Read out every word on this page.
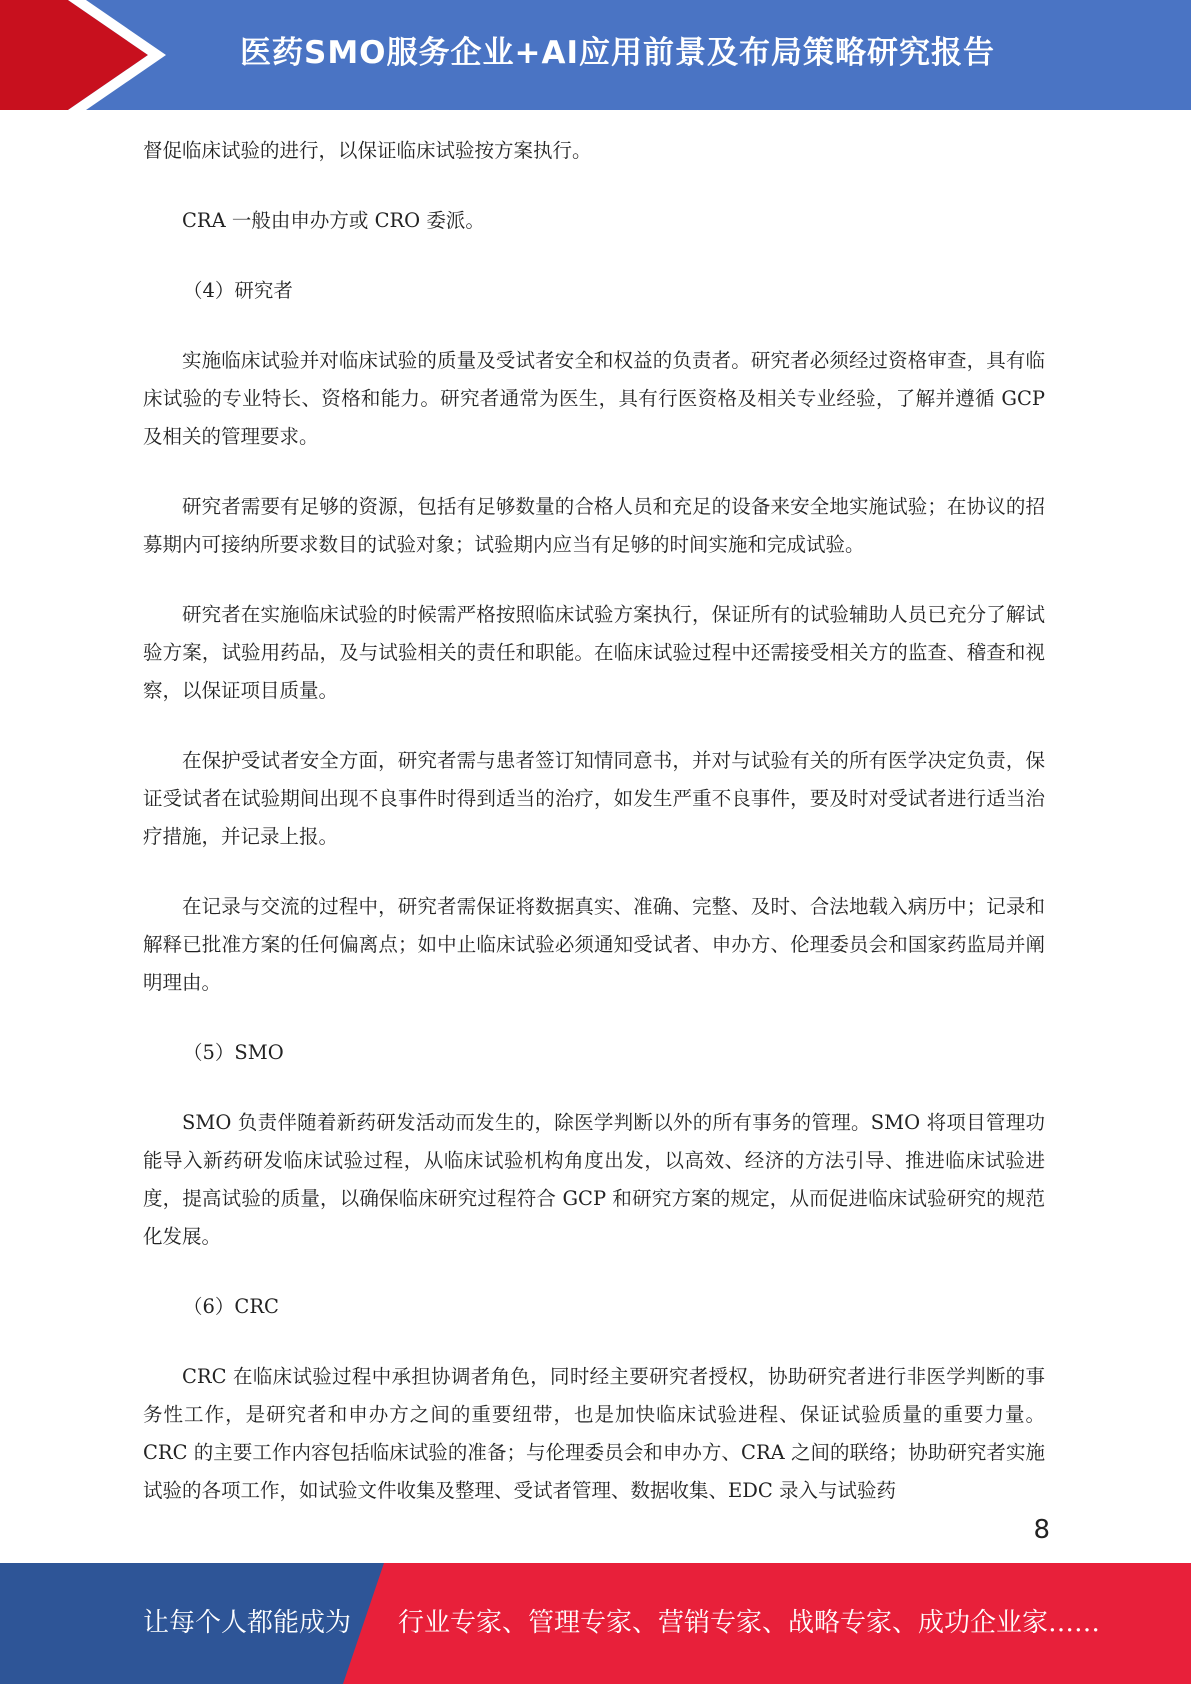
医药SMO服务企业+AI应用前景及布局策略研究报告

督促临床试验的进行，以保证临床试验按方案执行。

CRA 一般由申办方或 CRO 委派。

（4）研究者

实施临床试验并对临床试验的质量及受试者安全和权益的负责者。研究者必须经过资格审查，具有临床试验的专业特长、资格和能力。研究者通常为医生，具有行医资格及相关专业经验，了解并遵循 GCP 及相关的管理要求。

研究者需要有足够的资源，包括有足够数量的合格人员和充足的设备来安全地实施试验；在协议的招募期内可接纳所要求数目的试验对象；试验期内应当有足够的时间实施和完成试验。

研究者在实施临床试验的时候需严格按照临床试验方案执行，保证所有的试验辅助人员已充分了解试验方案，试验用药品，及与试验相关的责任和职能。在临床试验过程中还需接受相关方的监查、稽查和视察，以保证项目质量。

在保护受试者安全方面，研究者需与患者签订知情同意书，并对与试验有关的所有医学决定负责，保证受试者在试验期间出现不良事件时得到适当的治疗，如发生严重不良事件，要及时对受试者进行适当治疗措施，并记录上报。

在记录与交流的过程中，研究者需保证将数据真实、准确、完整、及时、合法地载入病历中；记录和解释已批准方案的任何偏离点；如中止临床试验必须通知受试者、申办方、伦理委员会和国家药监局并阐明理由。

（5）SMO

SMO 负责伴随着新药研发活动而发生的，除医学判断以外的所有事务的管理。SMO 将项目管理功能导入新药研发临床试验过程，从临床试验机构角度出发，以高效、经济的方法引导、推进临床试验进度，提高试验的质量，以确保临床研究过程符合 GCP 和研究方案的规定，从而促进临床试验研究的规范化发展。

（6）CRC

CRC 在临床试验过程中承担协调者角色，同时经主要研究者授权，协助研究者进行非医学判断的事务性工作，是研究者和申办方之间的重要纽带，也是加快临床试验进程、保证试验质量的重要力量。CRC 的主要工作内容包括临床试验的准备；与伦理委员会和申办方、CRA 之间的联络；协助研究者实施试验的各项工作，如试验文件收集及整理、受试者管理、数据收集、EDC 录入与试验药

8
让每个人都能成为 行业专家、管理专家、营销专家、战略专家、成功企业家……
